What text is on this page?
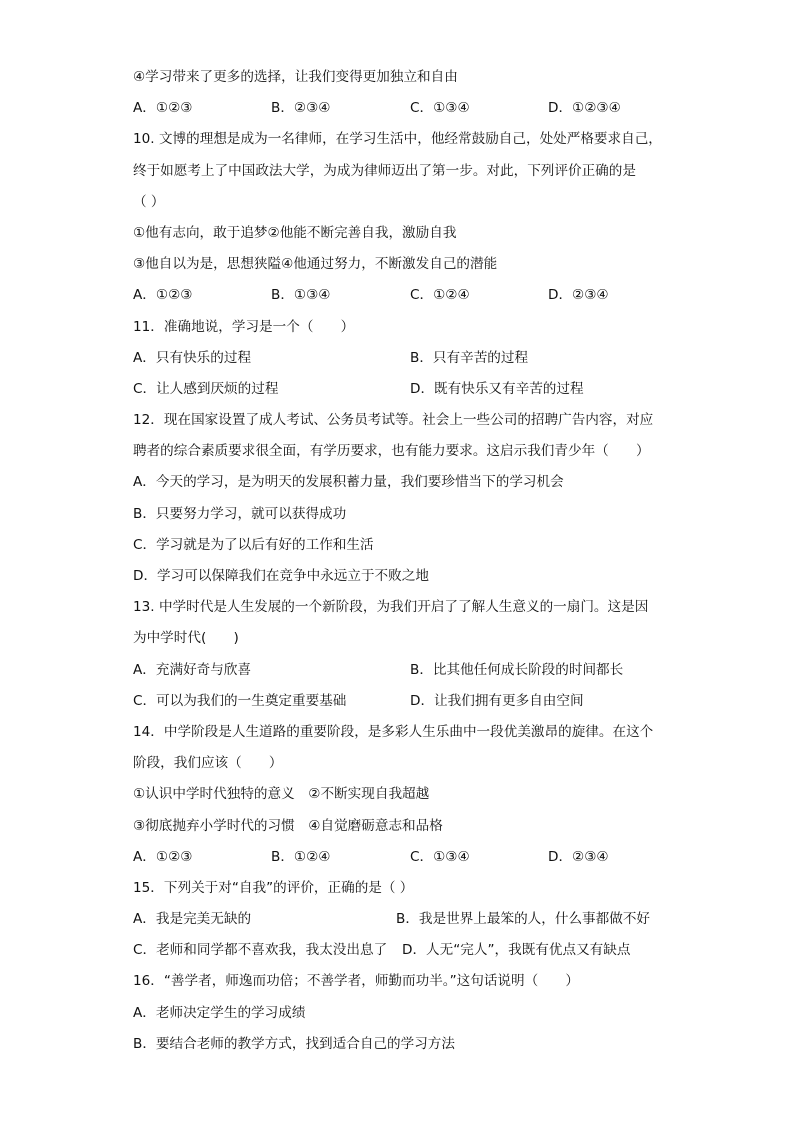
④学习带来了更多的选择，让我们变得更加独立和自由
A．①②③	B．②③④	C．①③④	D．①②③④
10. 文博的理想是成为一名律师，在学习生活中，他经常鼓励自己，处处严格要求自己，
终于如愿考上了中国政法大学，为成为律师迈出了第一步。对此，下列评价正确的是
（ ）
①他有志向，敢于追梦②他能不断完善自我，激励自我
③他自以为是，思想狭隘④他通过努力，不断激发自己的潜能
A．①②③	B．①③④	C．①②④	D．②③④
11．准确地说，学习是一个（　　）
A．只有快乐的过程	B．只有辛苦的过程
C．让人感到厌烦的过程	D．既有快乐又有辛苦的过程
12．现在国家设置了成人考试、公务员考试等。社会上一些公司的招聘广告内容，对应
聘者的综合素质要求很全面，有学历要求，也有能力要求。这启示我们青少年（　　）
A．今天的学习，是为明天的发展积蓄力量，我们要珍惜当下的学习机会
B．只要努力学习，就可以获得成功
C．学习就是为了以后有好的工作和生活
D．学习可以保障我们在竞争中永远立于不败之地
13. 中学时代是人生发展的一个新阶段，为我们开启了了解人生意义的一扇门。这是因
为中学时代(　　)
A．充满好奇与欣喜	B．比其他任何成长阶段的时间都长
C．可以为我们的一生奠定重要基础	D．让我们拥有更多自由空间
14．中学阶段是人生道路的重要阶段，是多彩人生乐曲中一段优美激昂的旋律。在这个
阶段，我们应该（　　）
①认识中学时代独特的意义　②不断实现自我超越
③彻底抛弃小学时代的习惯　④自觉磨砺意志和品格
A．①②③	B．①②④	C．①③④	D．②③④
15．下列关于对“自我”的评价，正确的是（ ）
A．我是完美无缺的	B．我是世界上最笨的人，什么事都做不好
C．老师和同学都不喜欢我，我太没出息了 D．人无“完人”，我既有优点又有缺点
16．“善学者，师逸而功倍；不善学者，师勤而功半。”这句话说明（　　）
A．老师决定学生的学习成绩
B．要结合老师的教学方式，找到适合自己的学习方法
